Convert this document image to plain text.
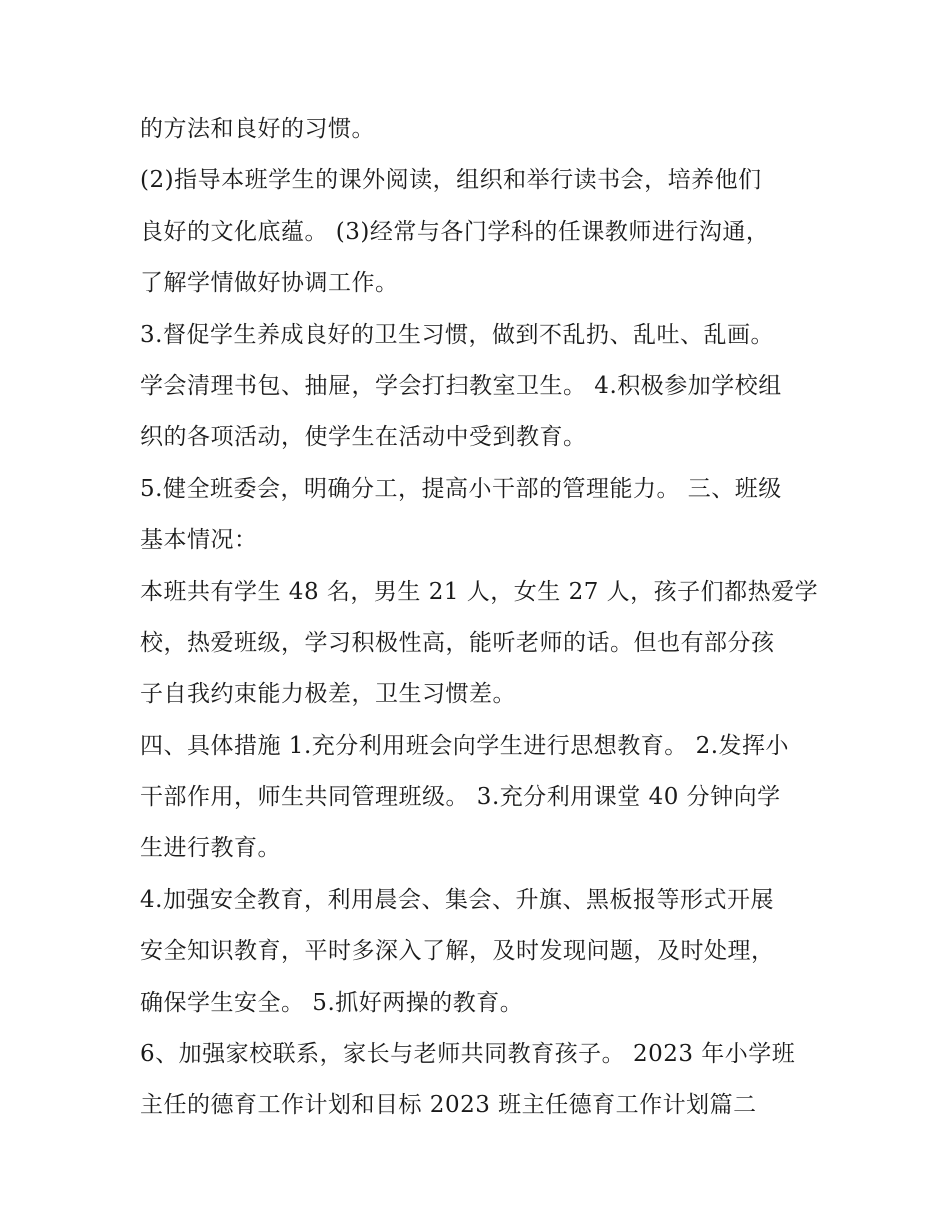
的方法和良好的习惯。
(2)指导本班学生的课外阅读，组织和举行读书会，培养他们
良好的文化底蕴。 (3)经常与各门学科的任课教师进行沟通，
了解学情做好协调工作。
3.督促学生养成良好的卫生习惯，做到不乱扔、乱吐、乱画。
学会清理书包、抽屉，学会打扫教室卫生。 4.积极参加学校组
织的各项活动，使学生在活动中受到教育。
5.健全班委会，明确分工，提高小干部的管理能力。 三、班级
基本情况：
本班共有学生 48 名，男生 21 人，女生 27 人，孩子们都热爱学
校，热爱班级，学习积极性高，能听老师的话。但也有部分孩
子自我约束能力极差，卫生习惯差。
四、具体措施 1.充分利用班会向学生进行思想教育。 2.发挥小
干部作用，师生共同管理班级。 3.充分利用课堂 40 分钟向学
生进行教育。
4.加强安全教育，利用晨会、集会、升旗、黑板报等形式开展
安全知识教育，平时多深入了解，及时发现问题，及时处理，
确保学生安全。 5.抓好两操的教育。
6、加强家校联系，家长与老师共同教育孩子。 2023 年小学班
主任的德育工作计划和目标 2023 班主任德育工作计划篇二
